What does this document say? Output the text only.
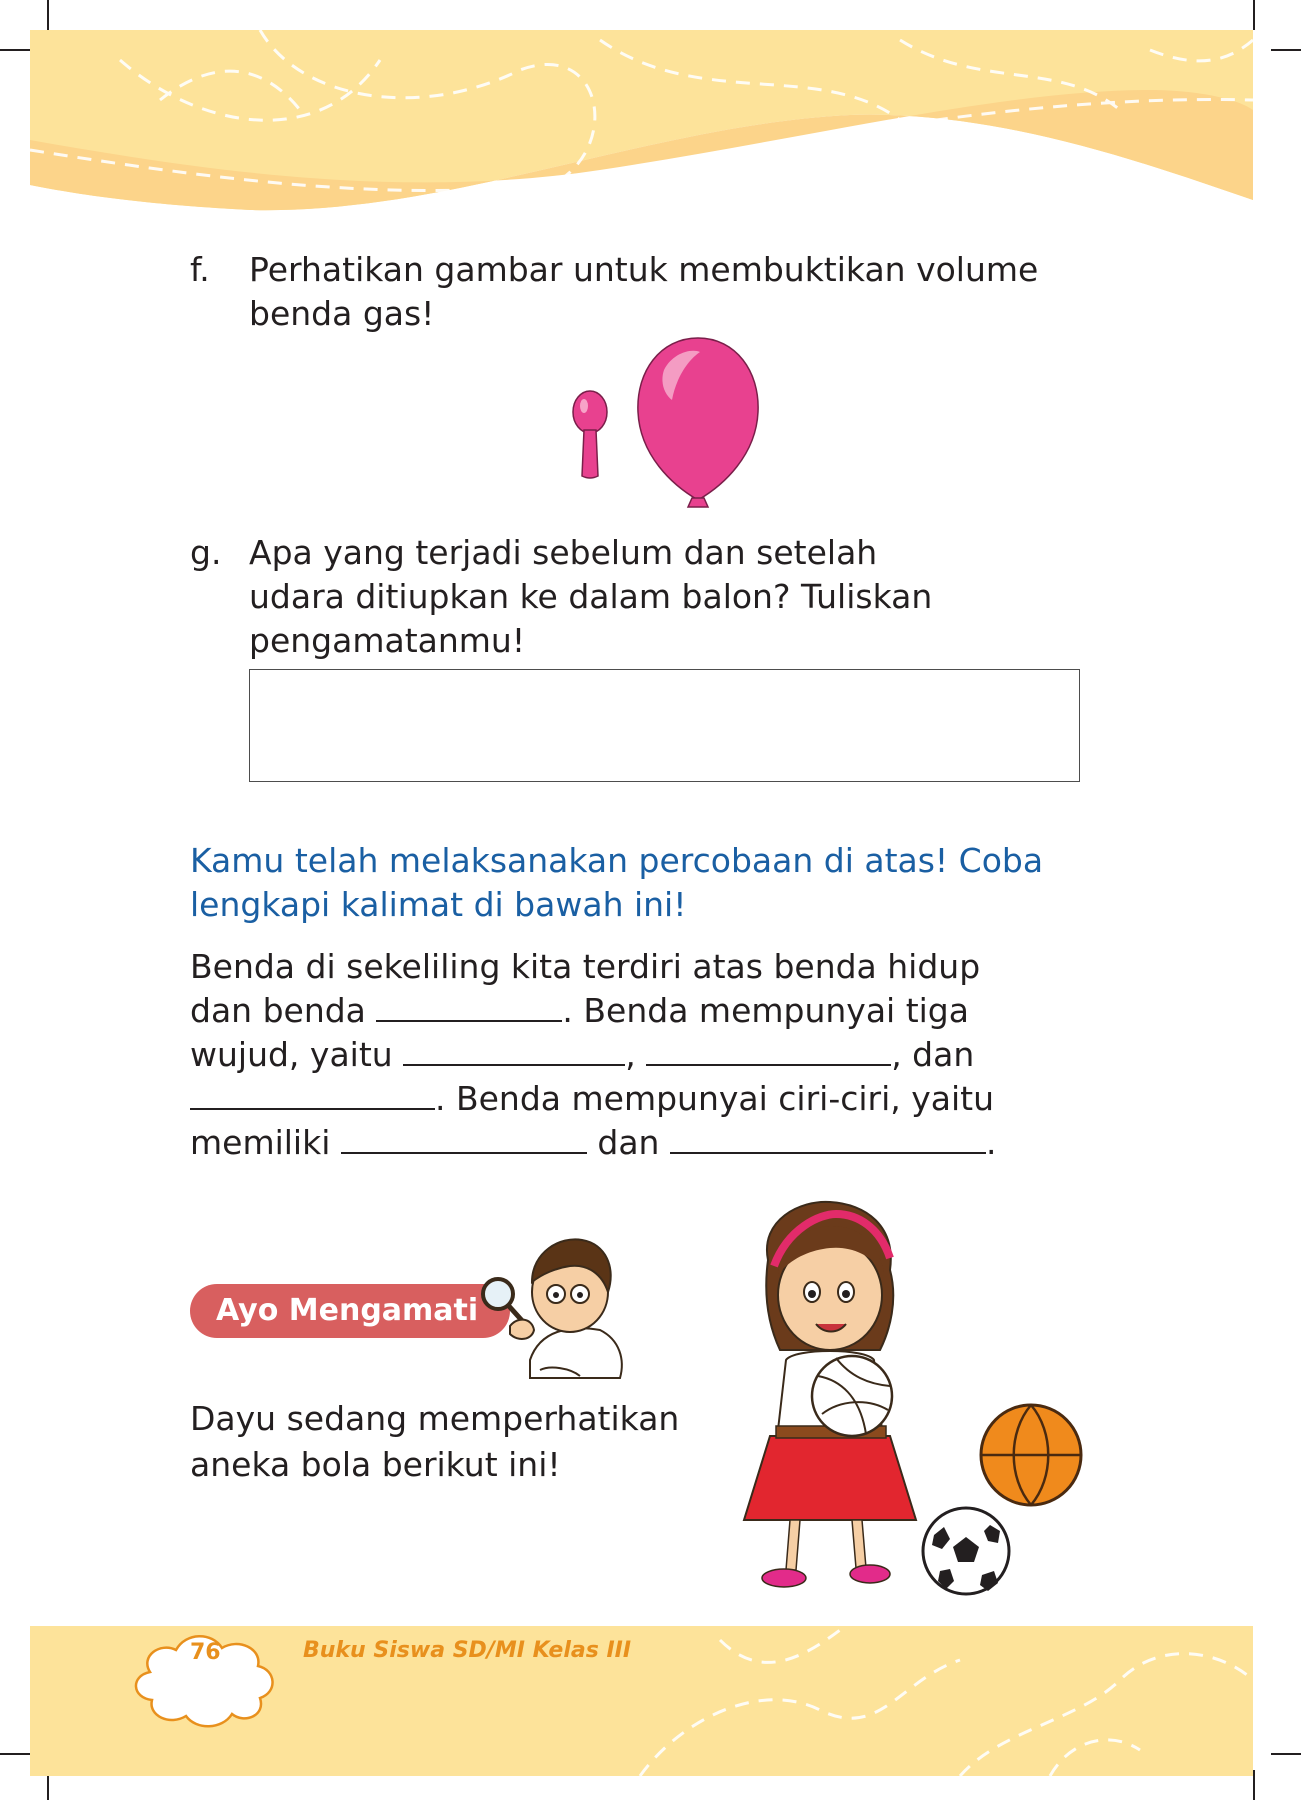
f. Perhatikan gambar untuk membuktikan volume
benda gas!
g. Apa yang terjadi sebelum dan setelah
udara ditiupkan ke dalam balon? Tuliskan
pengamatanmu!
Kamu telah melaksanakan percobaan di atas! Coba
lengkapi kalimat di bawah ini!
Benda di sekeliling kita terdiri atas benda hidup
dan benda	. Benda mempunyai tiga
wujud, yaitu	,	, dan
. Benda mempunyai ciri-ciri, yaitu
memiliki	dan	.
Ayo Mengamati
Dayu sedang memperhatikan
aneka bola berikut ini!
76	Buku Siswa SD/MI Kelas III
